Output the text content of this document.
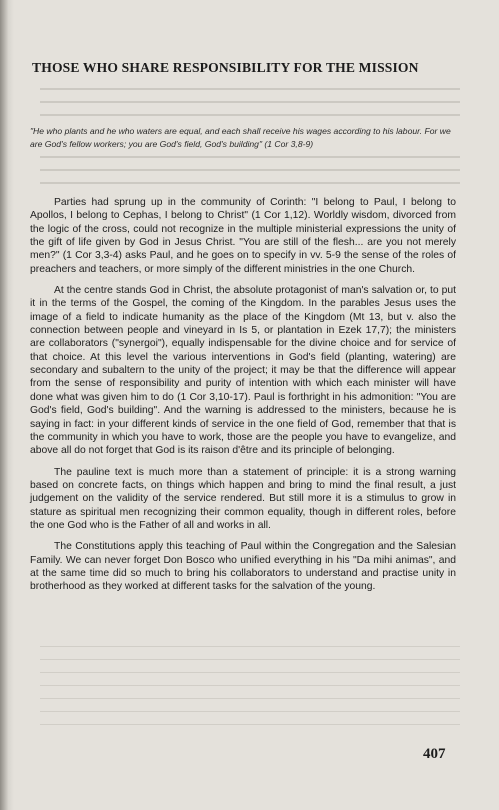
THOSE WHO SHARE RESPONSIBILITY FOR THE MISSION

"He who plants and he who waters are equal, and each shall receive his wages according to his labour. For we are God's fellow workers; you are God's field, God's building" (1 Cor 3,8-9)

Parties had sprung up in the community of Corinth: "I belong to Paul, I belong to Apollos, I belong to Cephas, I belong to Christ" (1 Cor 1,12). Worldly wisdom, divorced from the logic of the cross, could not recognize in the multiple ministerial expressions the unity of the gift of life given by God in Jesus Christ. "You are still of the flesh... are you not merely men?" (1 Cor 3,3-4) asks Paul, and he goes on to specify in vv. 5-9 the sense of the roles of preachers and teachers, or more simply of the different ministries in the one Church.

At the centre stands God in Christ, the absolute protagonist of man's salvation or, to put it in the terms of the Gospel, the coming of the Kingdom. In the parables Jesus uses the image of a field to indicate humanity as the place of the Kingdom (Mt 13, but v. also the connection between people and vineyard in Is 5, or plantation in Ezek 17,7); the ministers are collaborators ("synergoi"), equally indispensable for the divine choice and for service of that choice. At this level the various interventions in God's field (planting, watering) are secondary and subaltern to the unity of the project; it may be that the difference will appear from the sense of responsibility and purity of intention with which each minister will have done what was given him to do (1 Cor 3,10-17). Paul is forthright in his admonition: "You are God's field, God's building". And the warning is addressed to the ministers, because he is saying in fact: in your different kinds of service in the one field of God, remember that that is the community in which you have to work, those are the people you have to evangelize, and above all do not forget that God is its raison d'être and its principle of belonging.

The pauline text is much more than a statement of principle: it is a strong warning based on concrete facts, on things which happen and bring to mind the final result, a just judgement on the validity of the service rendered. But still more it is a stimulus to grow in stature as spiritual men recognizing their common equality, though in different roles, before the one God who is the Father of all and works in all.

The Constitutions apply this teaching of Paul within the Congregation and the Salesian Family. We can never forget Don Bosco who unified everything in his "Da mihi animas", and at the same time did so much to bring his collaborators to understand and practise unity in brotherhood as they worked at different tasks for the salvation of the young.

407
